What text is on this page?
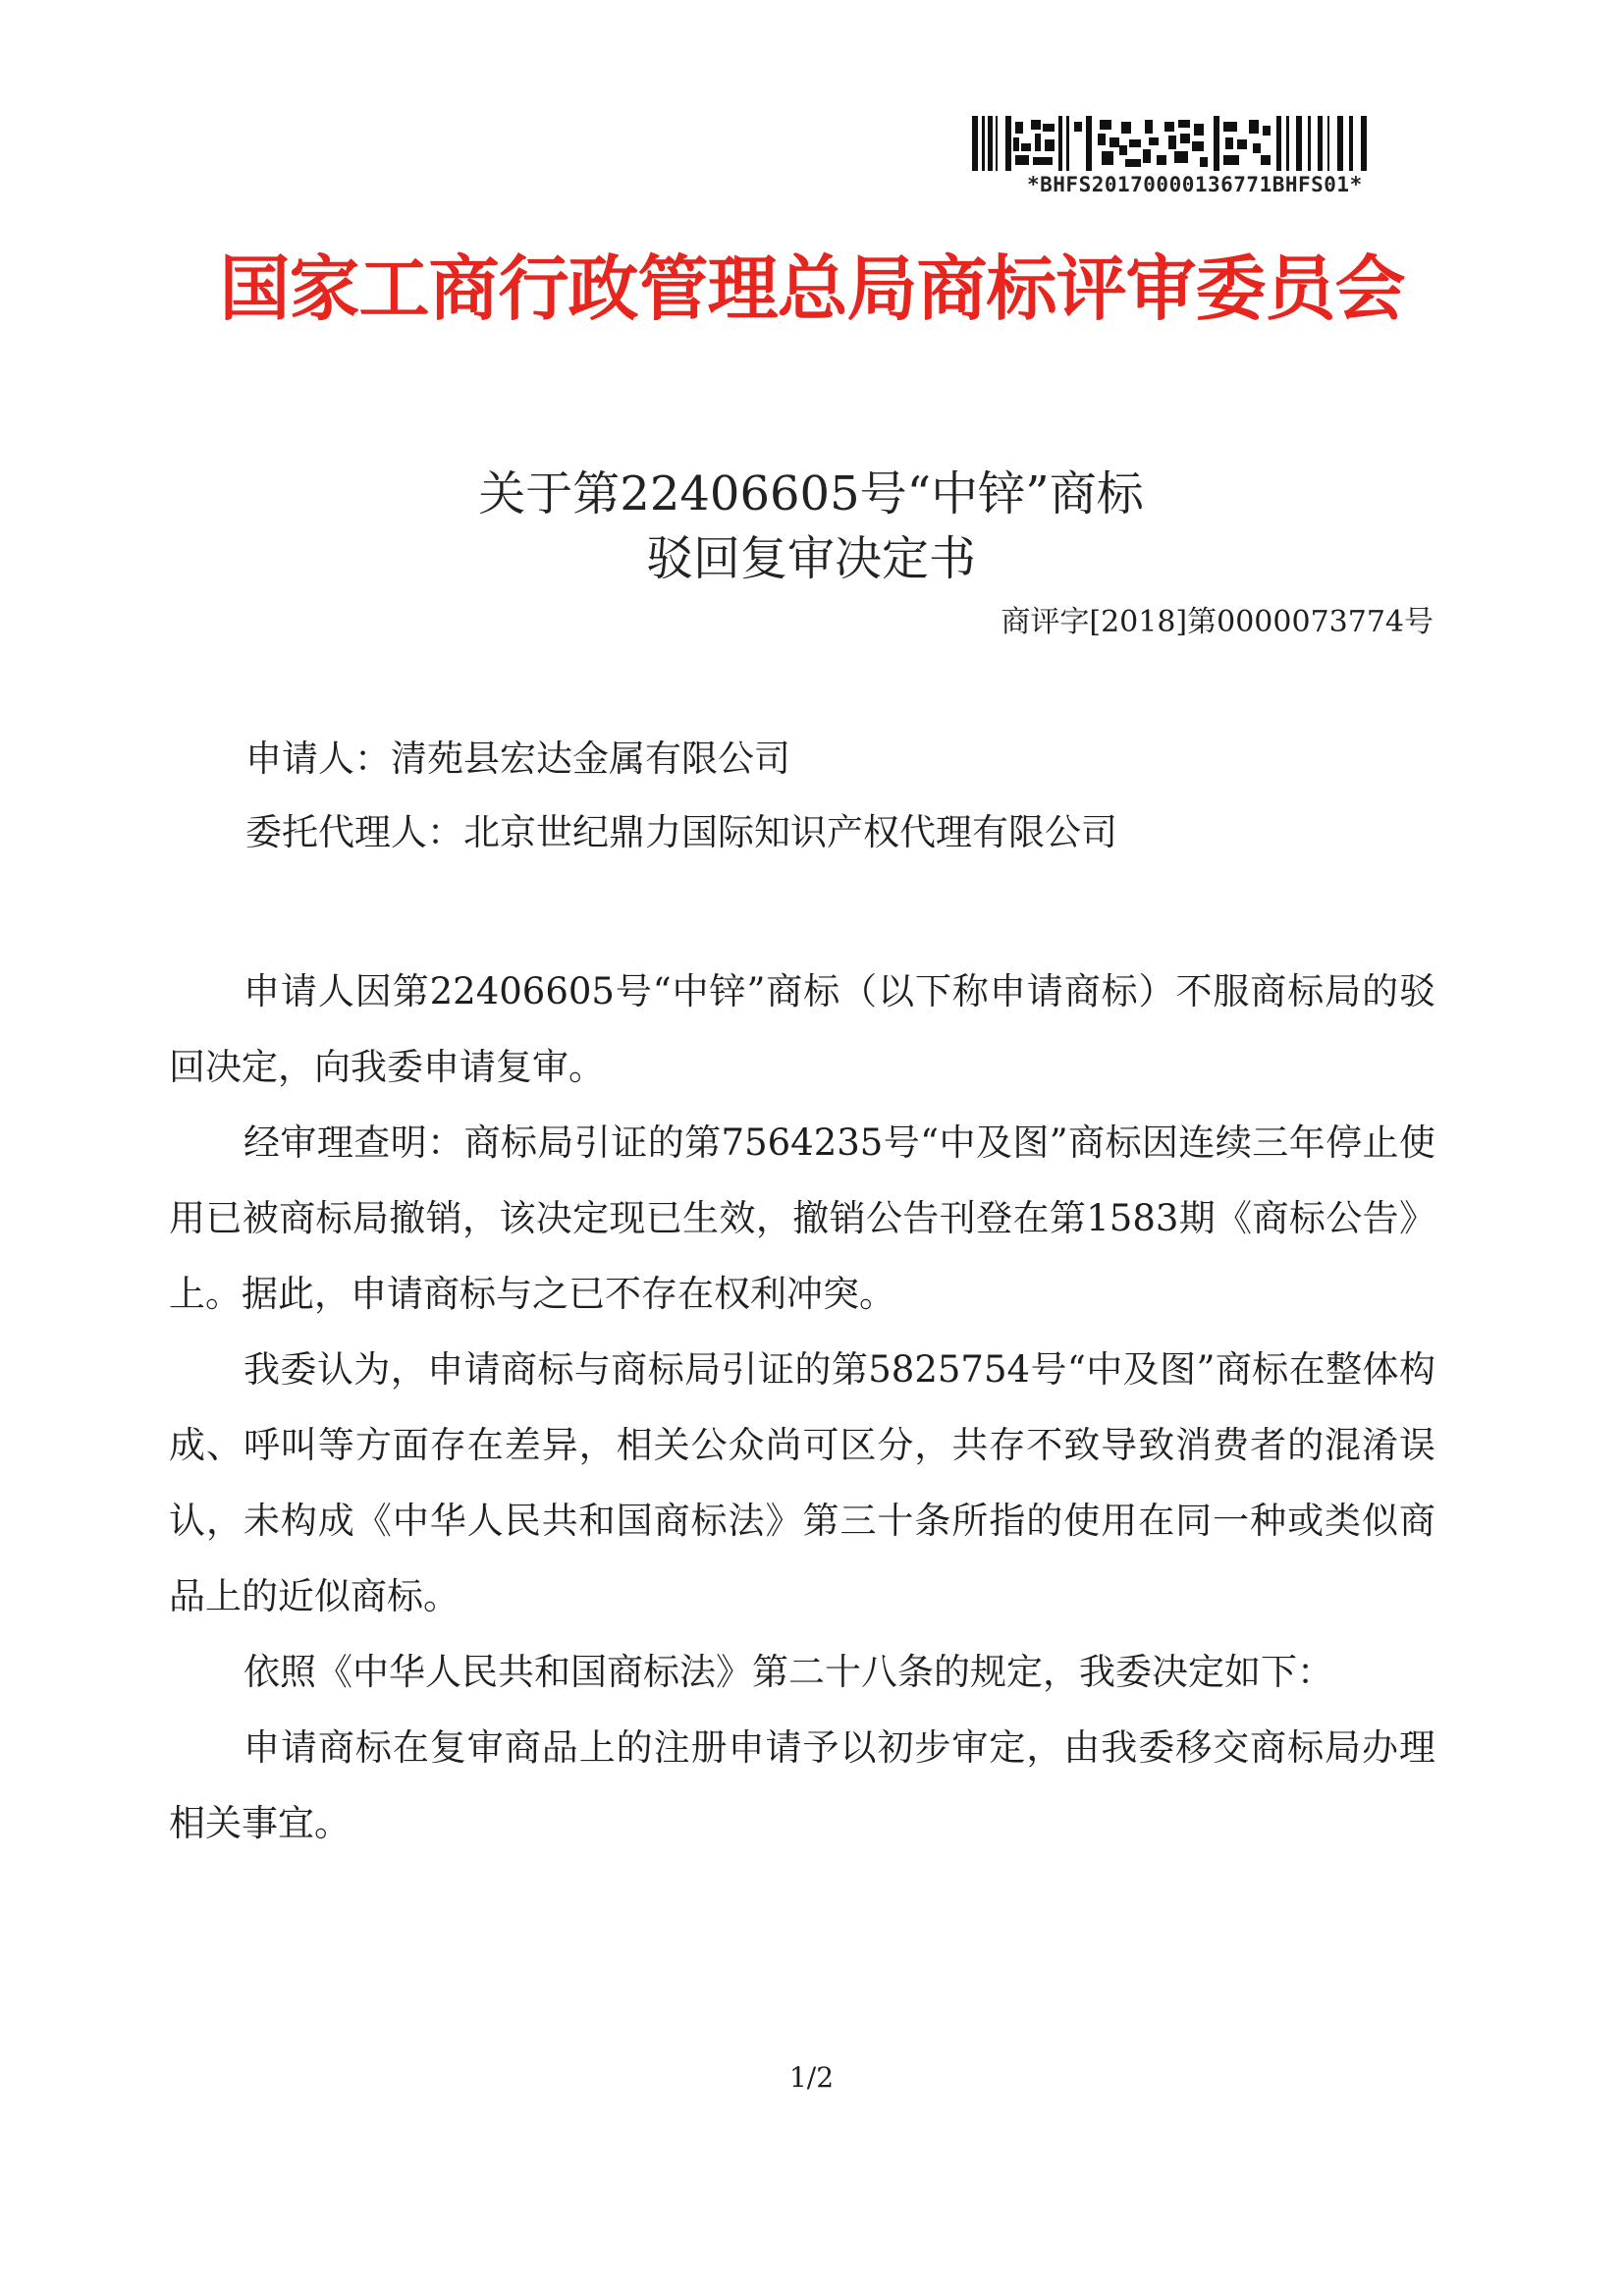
*BHFS20170000136771BHFS01*
国家工商行政管理总局商标评审委员会
关于第22406605号“中锌”商标
驳回复审决定书
商评字[2018]第0000073774号
申请人：清苑县宏达金属有限公司
委托代理人：北京世纪鼎力国际知识产权代理有限公司

申请人因第22406605号“中锌”商标（以下称申请商标）不服商标局的驳回决定，向我委申请复审。

经审理查明：商标局引证的第7564235号“中及图”商标因连续三年停止使用已被商标局撤销，该决定现已生效，撤销公告刊登在第1583期《商标公告》上。据此，申请商标与之已不存在权利冲突。

我委认为，申请商标与商标局引证的第5825754号“中及图”商标在整体构成、呼叫等方面存在差异，相关公众尚可区分，共存不致导致消费者的混淆误认，未构成《中华人民共和国商标法》第三十条所指的使用在同一种或类似商品上的近似商标。

依照《中华人民共和国商标法》第二十八条的规定，我委决定如下：

申请商标在复审商品上的注册申请予以初步审定，由我委移交商标局办理相关事宜。

1/2
